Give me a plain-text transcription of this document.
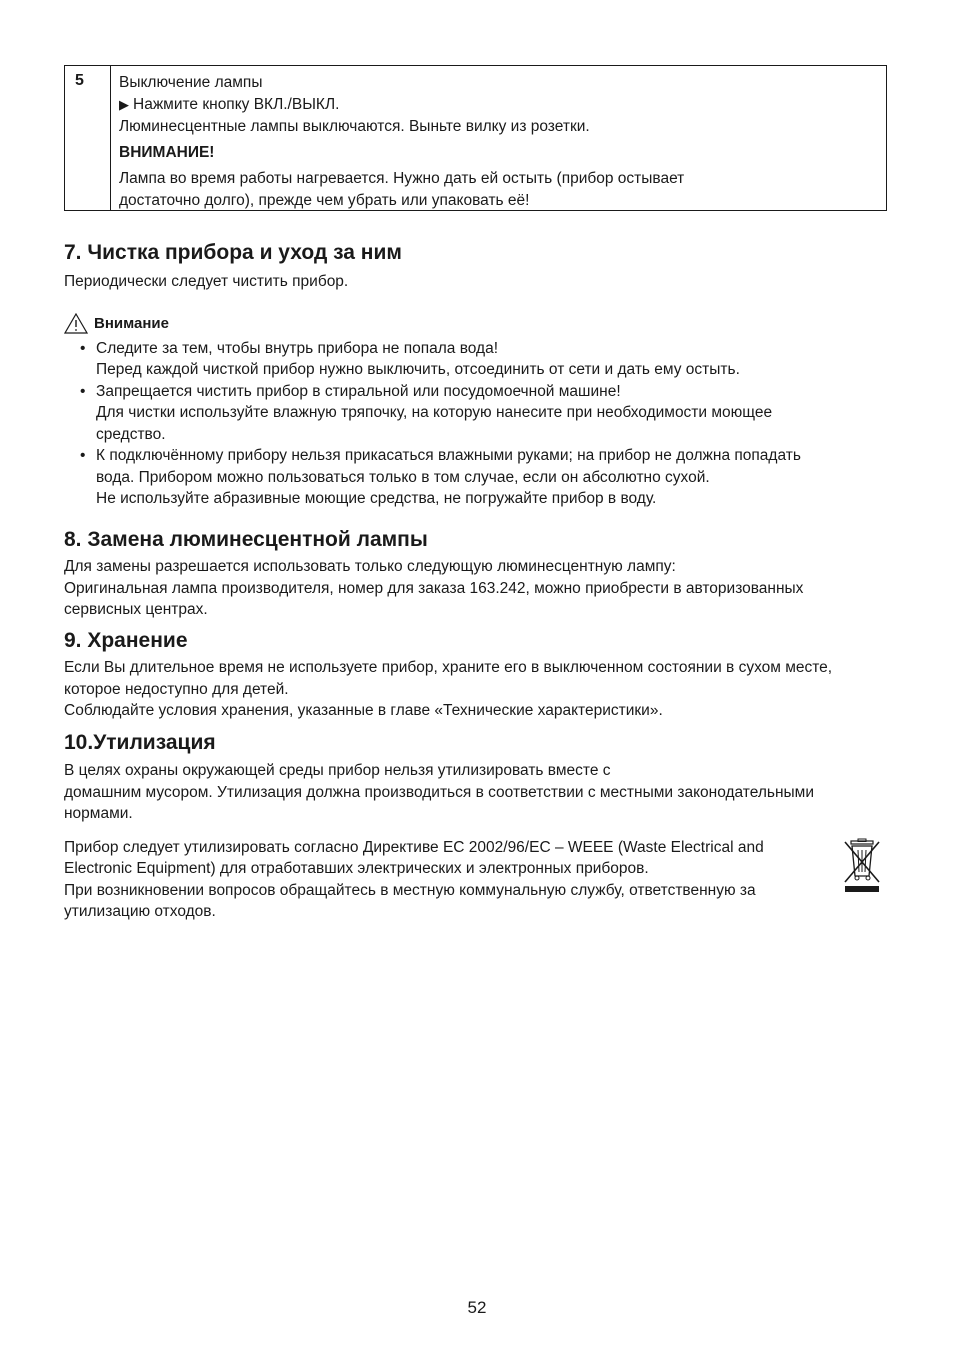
5	Выключение лампы
▶ Нажмите кнопку ВКЛ./ВЫКЛ.
Люминесцентные лампы выключаются. Выньте вилку из розетки.
ВНИМАНИЕ!
Лампа во время работы нагревается. Нужно дать ей остыть (прибор остывает
достаточно долго), прежде чем убрать или упаковать её!
7. Чистка прибора и уход за ним

Периодически следует чистить прибор.

Внимание
• Следите за тем, чтобы внутрь прибора не попала вода!
Перед каждой чисткой прибор нужно выключить, отсоединить от сети и дать ему остыть.
• Запрещается чистить прибор в стиральной или посудомоечной машине!
Для чистки используйте влажную тряпочку, на которую нанесите при необходимости моющее
средство.
• К подключённому прибору нельзя прикасаться влажными руками; на прибор не должна попадать
вода. Прибором можно пользоваться только в том случае, если он абсолютно сухой.
Не используйте абразивные моющие средства, не погружайте прибор в воду.
8. Замена люминесцентной лампы

Для замены разрешается использовать только следующую люминесцентную лампу:

Оригинальная лампа производителя, номер для заказа 163.242, можно приобрести в авторизованных

сервисных центрах.

9. Хранение

Если Вы длительное время не используете прибор, храните его в выключенном состоянии в сухом месте,

которое недоступно для детей.

Соблюдайте условия хранения, указанные в главе «Технические характеристики».

10.Утилизация

В целях охраны окружающей среды прибор нельзя утилизировать вместе с

домашним мусором. Утилизация должна производиться в соответствии с местными законодательными

нормами.

Прибор следует утилизировать согласно Директиве ЕС 2002/96/EC – WEEE (Waste Electrical and

Electronic Equipment) для отработавших электрических и электронных приборов.

При возникновении вопросов обращайтесь в местную коммунальную службу, ответственную за

утилизацию отходов.

52
